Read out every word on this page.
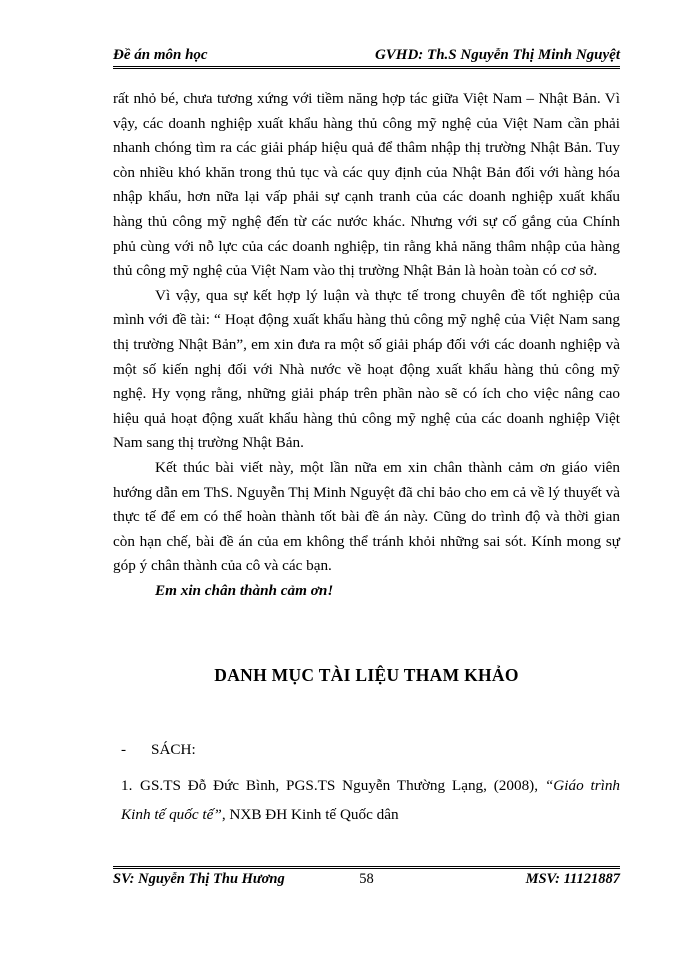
Đề án môn học	GVHD: Th.S Nguyễn Thị Minh Nguyệt

rất nhỏ bé, chưa tương xứng với tiềm năng hợp tác giữa Việt Nam – Nhật Bản. Vì vậy, các doanh nghiệp xuất khẩu hàng thủ công mỹ nghệ của Việt Nam cần phải nhanh chóng tìm ra các giải pháp hiệu quả để thâm nhập thị trường Nhật Bản. Tuy còn nhiều khó khăn trong thủ tục và các quy định của Nhật Bản đối với hàng hóa nhập khẩu, hơn nữa lại vấp phải sự cạnh tranh của các doanh nghiệp xuất khẩu hàng thủ công mỹ nghệ đến từ các nước khác. Nhưng với sự cố gắng của Chính phủ cùng với nỗ lực của các doanh nghiệp, tin rằng khả năng thâm nhập của hàng thủ công mỹ nghệ của Việt Nam vào thị trường Nhật Bản là hoàn toàn có cơ sở.

Vì vậy, qua sự kết hợp lý luận và thực tế trong chuyên đề tốt nghiệp của mình với đề tài: “ Hoạt động xuất khẩu hàng thủ công mỹ nghệ của Việt Nam sang thị trường Nhật Bản”, em xin đưa ra một số giải pháp đối với các doanh nghiệp và một số kiến nghị đối với Nhà nước về hoạt động xuất khẩu hàng thủ công mỹ nghệ. Hy vọng rằng, những giải pháp trên phần nào sẽ có ích cho việc nâng cao hiệu quả hoạt động xuất khẩu hàng thủ công mỹ nghệ của các doanh nghiệp Việt Nam sang thị trường Nhật Bản.

Kết thúc bài viết này, một lần nữa em xin chân thành cảm ơn giáo viên hướng dẫn em ThS. Nguyễn Thị Minh Nguyệt đã chỉ bảo cho em cả về lý thuyết và thực tế để em có thể hoàn thành tốt bài đề án này. Cũng do trình độ và thời gian còn hạn chế, bài đề án của em không thể tránh khỏi những sai sót. Kính mong sự góp ý chân thành của cô và các bạn.

Em xin chân thành cảm ơn!

DANH MỤC TÀI LIỆU THAM KHẢO
- SÁCH:
1. GS.TS Đỗ Đức Bình, PGS.TS Nguyễn Thường Lạng, (2008), “Giáo trình Kinh tế quốc tế”, NXB ĐH Kinh tế Quốc dân
SV: Nguyễn Thị Thu Hương	58	MSV: 11121887
